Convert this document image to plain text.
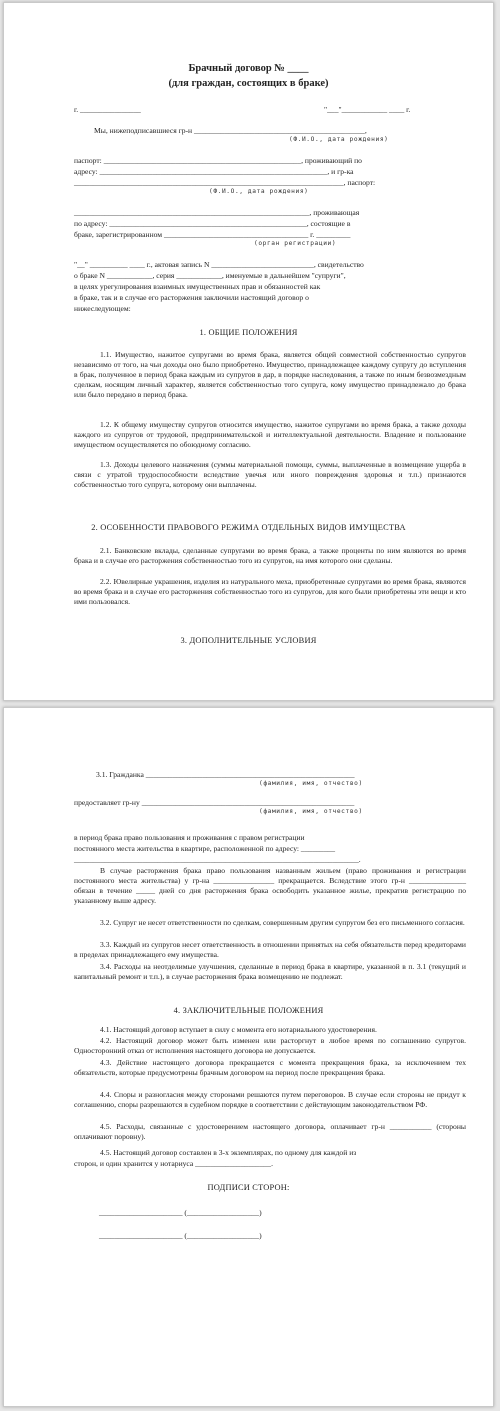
Брачный договор № ____
(для граждан, состоящих в браке)
г. ________________	"___"____________ ____ г.
Мы, нижеподписавшиеся гр-н _____________________________________________,
(Ф.И.О., дата рождения)
паспорт: ____________________________________________________, проживающий по
адресу: ____________________________________________________________, и гр-ка
_______________________________________________________________________, паспорт:
(Ф.И.О., дата рождения)
______________________________________________________________, проживающая
по адресу: ____________________________________________________, состоящие в
браке, зарегистрированном ______________________________________ г. _________
(орган регистрации)
"__" __________ ____ г., актовая запись N ___________________________, свидетельство
о браке N ____________, серия ____________, именуемые в дальнейшем "супруги",
в целях урегулирования взаимных имущественных прав и обязанностей как
в браке, так и в случае его расторжения заключили настоящий договор о
нижеследующем:
1. ОБЩИЕ ПОЛОЖЕНИЯ
1.1. Имущество, нажитое супругами во время брака, является общей совместной собственностью супругов независимо от того, на чьи доходы оно было приобретено. Имущество, принадлежащее каждому супругу до вступления в брак, полученное в период брака каждым из супругов в дар, в порядке наследования, а также по иным безвозмездным сделкам, носящим личный характер, является собственностью того супруга, кому имущество принадлежало до брака или было передано в период брака.
1.2. К общему имуществу супругов относится имущество, нажитое супругами во время брака, а также доходы каждого из супругов от трудовой, предпринимательской и интеллектуальной деятельности. Владение и пользование имуществом осуществляется по обоюдному согласию.
1.3. Доходы целевого назначения (суммы материальной помощи, суммы, выплаченные в возмещение ущерба в связи с утратой трудоспособности вследствие увечья или иного повреждения здоровья и т.п.) признаются собственностью того супруга, которому они выплачены.
2. ОСОБЕННОСТИ ПРАВОВОГО РЕЖИМА ОТДЕЛЬНЫХ ВИДОВ ИМУЩЕСТВА
2.1. Банковские вклады, сделанные супругами во время брака, а также проценты по ним являются во время брака и в случае его расторжения собственностью того из супругов, на имя которого они сделаны.
2.2. Ювелирные украшения, изделия из натурального меха, приобретенные супругами во время брака, являются во время брака и в случае его расторжения собственностью того из супругов, для кого были приобретены эти вещи и кто ими пользовался.
3. ДОПОЛНИТЕЛЬНЫЕ УСЛОВИЯ
3.1. Гражданка _______________________________________________________
(фамилия, имя, отчество)
предоставляет гр-ну ________________________________________________________
(фамилия, имя, отчество)
в период брака право пользования и проживания с правом регистрации
постоянного места жительства в квартире, расположенной по адресу: _________
___________________________________________________________________________.
В случае расторжения брака право пользования названным жильем (право проживания и регистрации постоянного места жительства) у гр-на ________________ прекращается. Вследствие этого гр-н _______________ обязан в течение _____ дней со дня расторжения брака освободить указанное жилье, прекратив регистрацию по указанному выше адресу.
3.2. Супруг не несет ответственности по сделкам, совершенным другим супругом без его письменного согласия.
3.3. Каждый из супругов несет ответственность в отношении принятых на себя обязательств перед кредиторами в пределах принадлежащего ему имущества.
3.4. Расходы на неотделимые улучшения, сделанные в период брака в квартире, указанной в п. 3.1 (текущий и капитальный ремонт и т.п.), в случае расторжения брака возмещению не подлежат.
4. ЗАКЛЮЧИТЕЛЬНЫЕ ПОЛОЖЕНИЯ
4.1. Настоящий договор вступает в силу с момента его нотариального удостоверения.
4.2. Настоящий договор может быть изменен или расторгнут в любое время по соглашению супругов. Односторонний отказ от исполнения настоящего договора не допускается.
4.3. Действие настоящего договора прекращается с момента прекращения брака, за исключением тех обязательств, которые предусмотрены брачным договором на период после прекращения брака.
4.4. Споры и разногласия между сторонами решаются путем переговоров. В случае если стороны не придут к соглашению, споры разрешаются в судебном порядке в соответствии с действующим законодательством РФ.
4.5. Расходы, связанные с удостоверением настоящего договора, оплачивает гр-н ___________ (стороны оплачивают поровну).
4.5. Настоящий договор составлен в 3-х экземплярах, по одному для каждой из
сторон, и один хранится у нотариуса ____________________.
ПОДПИСИ СТОРОН:
______________________ (___________________)
______________________ (___________________)
